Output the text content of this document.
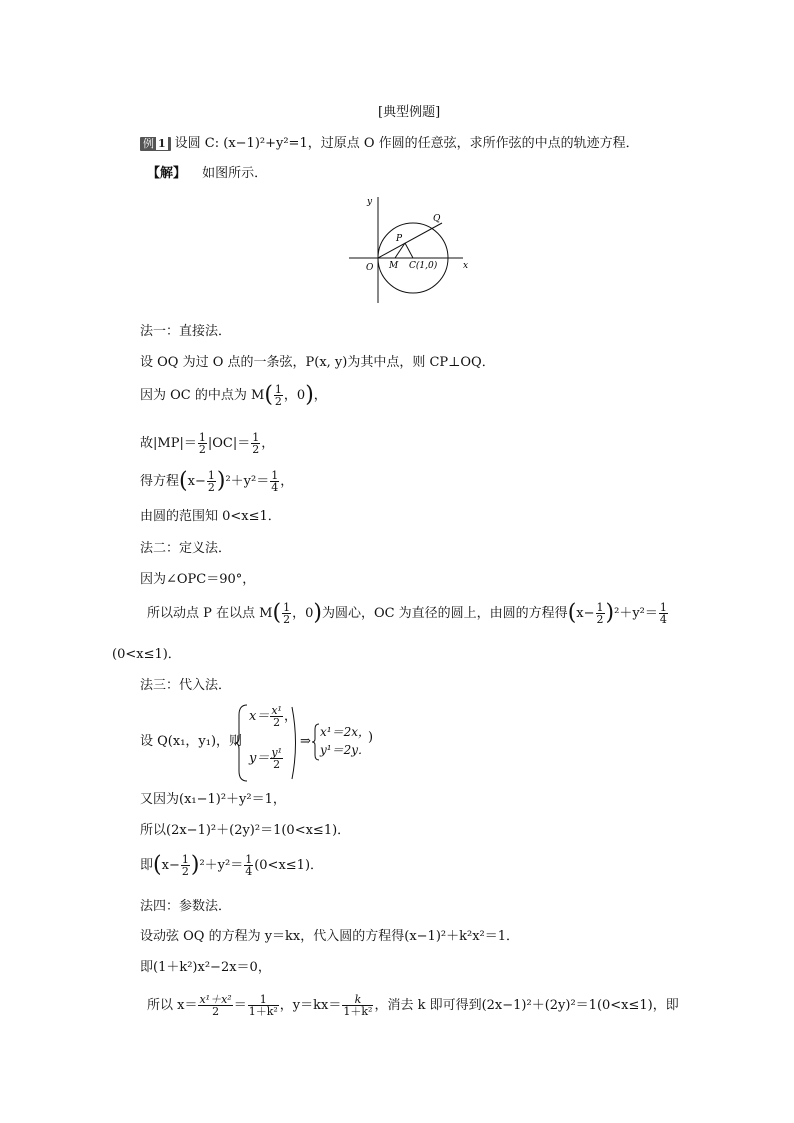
[典型例题]
例 1 设圆 C: (x−1)²+y²=1，过原点 O 作圆的任意弦，求所作弦的中点的轨迹方程．
【解】 如图所示．
y
x
O M C(1,0)
P
Q
法一：直接法．
设 OQ 为过 O 点的一条弦，P(x, y)为其中点，则 CP⊥OQ．
因为 OC 的中点为 $M( \frac{1}{2}$ ，0)，
故$|MP|= \frac{1}{2} |OC|= \frac{1}{2}$ ，
得方程$(x- \frac{1}{2} )^2+y^2= \frac{1}{4}$ ，
由圆的范围知 0<x≤1．
法二：定义法．
因为∠OPC＝90°，
所以动点 P 在以点 $M( \frac{1}{2}$ ，0)为圆心，OC 为直径的圆上，由圆的方程得$(x- \frac{1}{2} )^2+y^2= \frac{1}{4}$
(0<x≤1)．
法三：代入法．
设 Q(x₁，y₁)，则
$x= \frac{\text{x¹}}{2}$ ，
$y= \frac{\text{y¹}}{2}$
⇒
x¹＝2x，
y¹＝2y．
)
又因为(x₁−1)²＋y²＝1，
所以(2x−1)²＋(2y)²＝1(0<x≤1)．
即$(x- \frac{1}{2} )^2+y^2= \frac{1}{4} (0<x\le 1)$．
法四：参数法．
设动弦 OQ 的方程为 y＝kx，代入圆的方程得(x−1)²＋k²x²＝1．
即(1＋k²)x²−2x＝0，
所以 $x= \frac{\text{x¹＋x²}}{2} = \frac{1}{\text{1＋k²}}$ ，$y=kx= \frac{k}{\text{1＋k²}}$ ，消去 k 即可得到(2x−1)²＋(2y)²＝1(0<x≤1)，即
